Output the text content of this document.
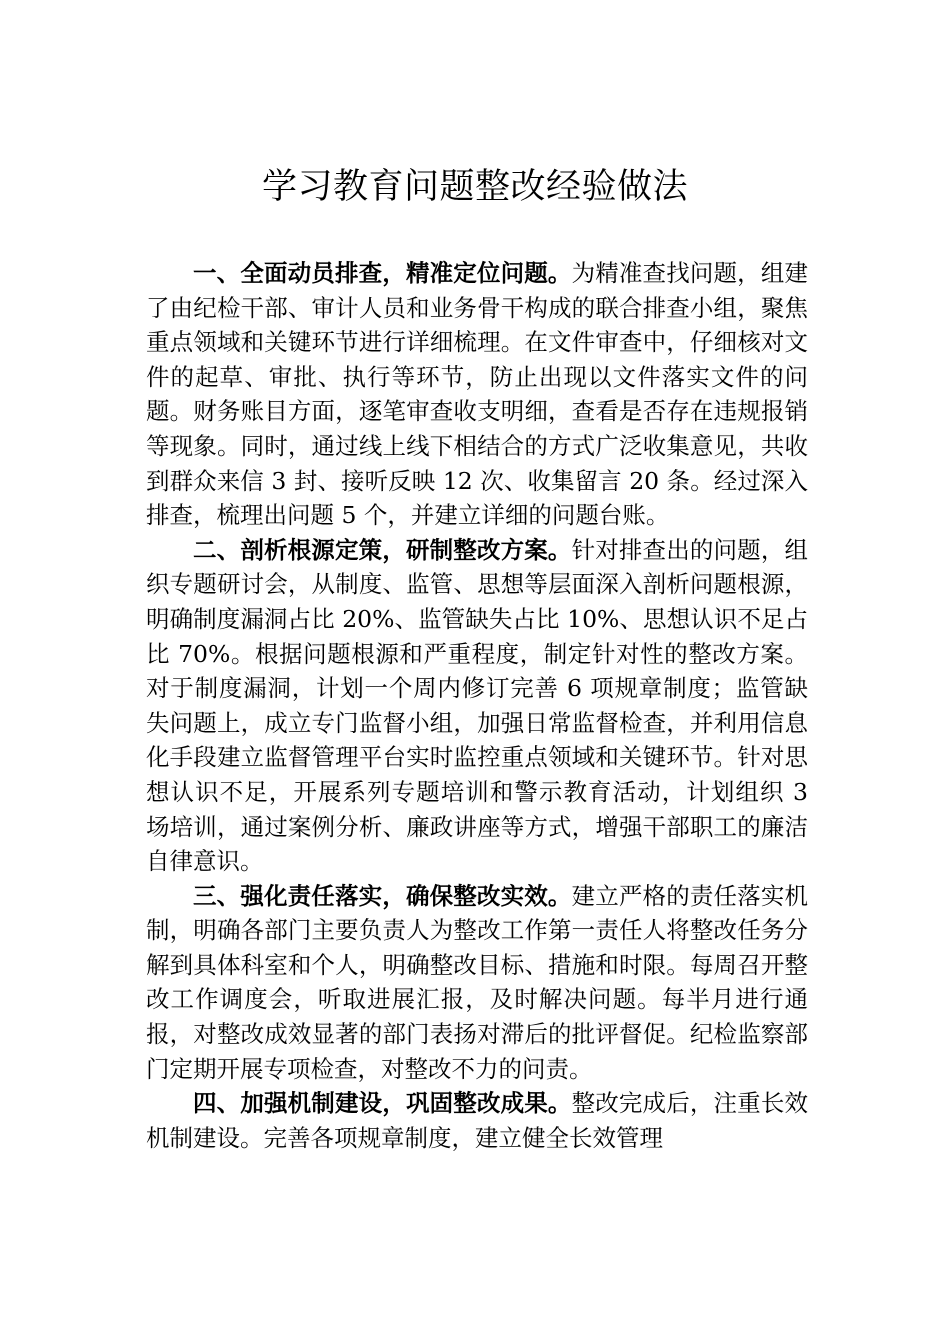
学习教育问题整改经验做法

一、全面动员排查，精准定位问题。为精准查找问题，组建了由纪检干部、审计人员和业务骨干构成的联合排查小组，聚焦重点领域和关键环节进行详细梳理。在文件审查中，仔细核对文件的起草、审批、执行等环节，防止出现以文件落实文件的问题。财务账目方面，逐笔审查收支明细，查看是否存在违规报销等现象。同时，通过线上线下相结合的方式广泛收集意见，共收到群众来信 3 封、接听反映 12 次、收集留言 20 条。经过深入排查，梳理出问题 5 个，并建立详细的问题台账。

二、剖析根源定策，研制整改方案。针对排查出的问题，组织专题研讨会，从制度、监管、思想等层面深入剖析问题根源，明确制度漏洞占比 20%、监管缺失占比 10%、思想认识不足占比 70%。根据问题根源和严重程度，制定针对性的整改方案。对于制度漏洞，计划一个周内修订完善 6 项规章制度；监管缺失问题上，成立专门监督小组，加强日常监督检查，并利用信息化手段建立监督管理平台实时监控重点领域和关键环节。针对思想认识不足，开展系列专题培训和警示教育活动，计划组织 3 场培训，通过案例分析、廉政讲座等方式，增强干部职工的廉洁自律意识。

三、强化责任落实，确保整改实效。建立严格的责任落实机制，明确各部门主要负责人为整改工作第一责任人将整改任务分解到具体科室和个人，明确整改目标、措施和时限。每周召开整改工作调度会，听取进展汇报，及时解决问题。每半月进行通报，对整改成效显著的部门表扬对滞后的批评督促。纪检监察部门定期开展专项检查，对整改不力的问责。

四、加强机制建设，巩固整改成果。整改完成后，注重长效机制建设。完善各项规章制度，建立健全长效管理
